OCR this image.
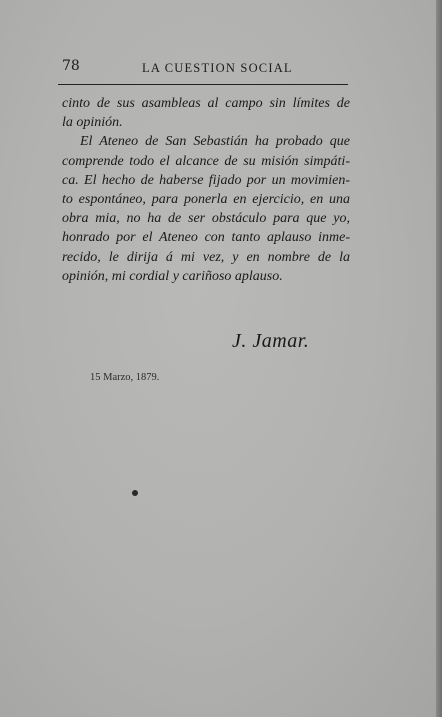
78	LA CUESTION SOCIAL
cinto de sus asambleas al campo sin límites de
la opinión.
El Ateneo de San Sebastián ha probado que
comprende todo el alcance de su misión simpáti-
ca. El hecho de haberse fijado por un movimien-
to espontáneo, para ponerla en ejercicio, en una
obra mia, no ha de ser obstáculo para que yo,
honrado por el Ateneo con tanto aplauso inme-
recido, le dirija á mi vez, y en nombre de la
opinión, mi cordial y cariñoso aplauso.
J. Jamar.
15 Marzo, 1879.
